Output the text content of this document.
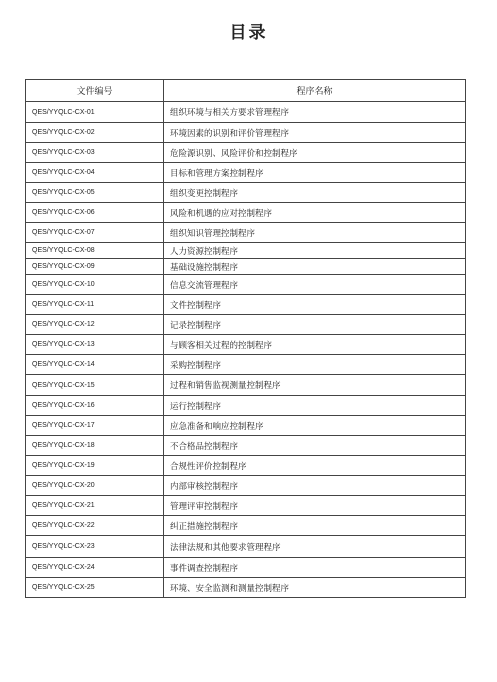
目录
文件编号	程序名称
QES/YYQLC-CX-01	组织环境与相关方要求管理程序
QES/YYQLC-CX-02	环境因素的识别和评价管理程序
QES/YYQLC-CX-03	危险源识别、风险评价和控制程序
QES/YYQLC-CX-04	目标和管理方案控制程序
QES/YYQLC-CX-05	组织变更控制程序
QES/YYQLC-CX-06	风险和机遇的应对控制程序
QES/YYQLC-CX-07	组织知识管理控制程序
QES/YYQLC-CX-08	人力资源控制程序
QES/YYQLC-CX-09	基础设施控制程序
QES/YYQLC-CX-10	信息交流管理程序
QES/YYQLC-CX-11	文件控制程序
QES/YYQLC-CX-12	记录控制程序
QES/YYQLC-CX-13	与顾客相关过程的控制程序
QES/YYQLC-CX-14	采购控制程序
QES/YYQLC-CX-15	过程和销售监视测量控制程序
QES/YYQLC-CX-16	运行控制程序
QES/YYQLC-CX-17	应急准备和响应控制程序
QES/YYQLC-CX-18	不合格品控制程序
QES/YYQLC-CX-19	合规性评价控制程序
QES/YYQLC-CX-20	内部审核控制程序
QES/YYQLC-CX-21	管理评审控制程序
QES/YYQLC-CX-22	纠正措施控制程序
QES/YYQLC-CX-23	法律法规和其他要求管理程序
QES/YYQLC-CX-24	事件调查控制程序
QES/YYQLC-CX-25	环境、安全监测和测量控制程序
